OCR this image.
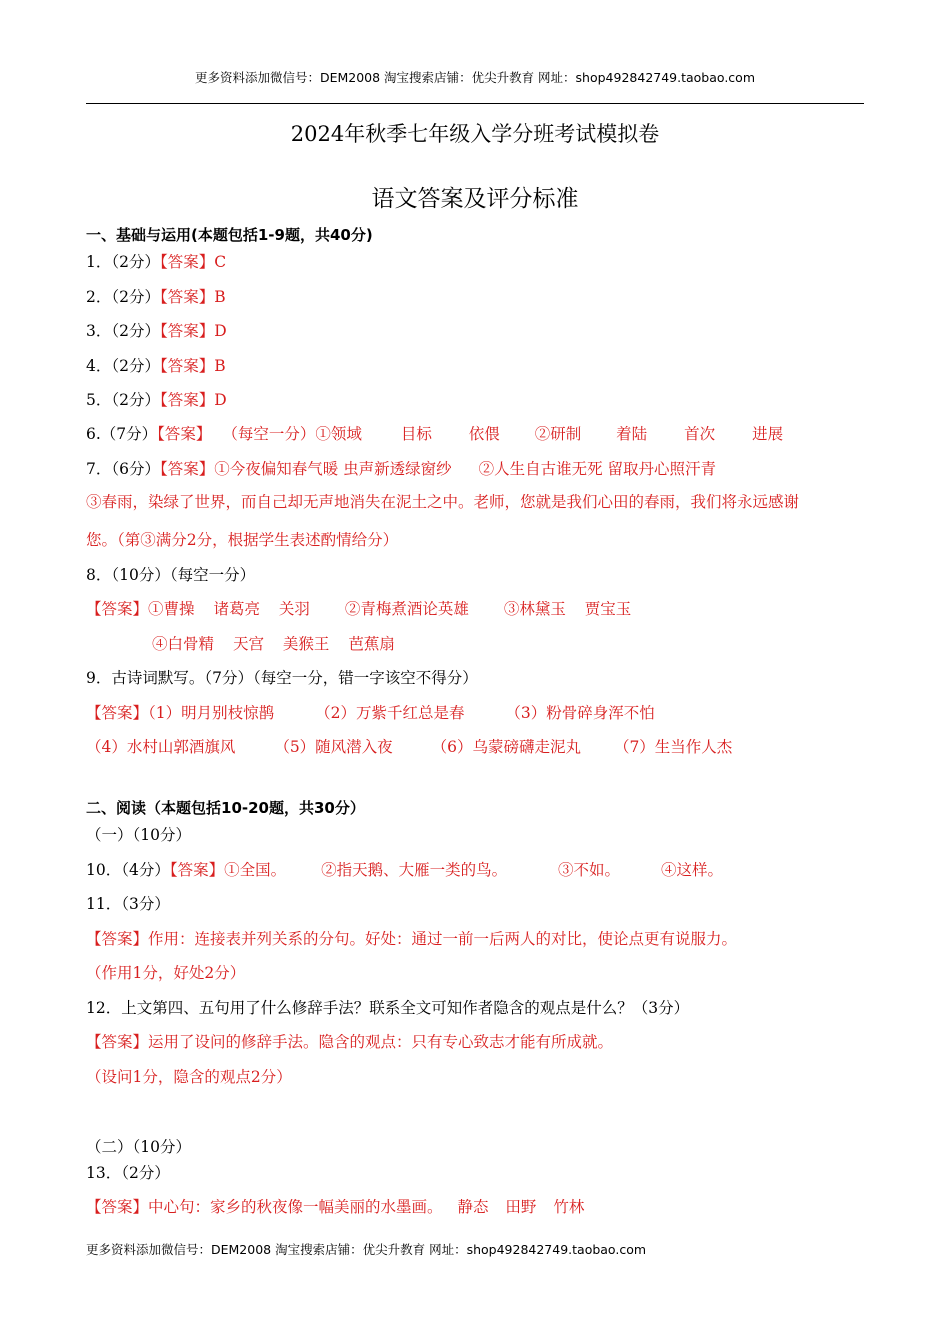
更多资料添加微信号：DEM2008 淘宝搜索店铺：优尖升教育 网址：shop492842749.taobao.com
2024年秋季七年级入学分班考试模拟卷
语文答案及评分标准
一、基础与运用(本题包括1-9题，共40分)
1．（2分）【答案】C
2．（2分）【答案】B
3．（2分）【答案】D
4．（2分）【答案】B
5．（2分）【答案】D
6.（7分）【答案】 （每空一分）①领域	目标 依偎 ②研制 着陆 首次 进展
7．（6分）【答案】①今夜偏知春气暖 虫声新透绿窗纱 ②人生自古谁无死 留取丹心照汗青
③春雨，染绿了世界，而自己却无声地消失在泥土之中。老师，您就是我们心田的春雨，我们将永远感谢
您。（第③满分2分，根据学生表述酌情给分）
8．（10分）（每空一分）
【答案】①曹操 诸葛亮 关羽 ②青梅煮酒论英雄 ③林黛玉 贾宝玉
④白骨精 天宫 美猴王 芭蕉扇
9．古诗词默写。（7分）（每空一分，错一字该空不得分）
【答案】（1）明月别枝惊鹊	（2）万紫千红总是春	（3）粉骨碎身浑不怕
（4）水村山郭酒旗风	（5）随风潜入夜	（6）乌蒙磅礴走泥丸 （7）生当作人杰
二、阅读（本题包括10-20题，共30分）
（一）（10分）
10．（4分）【答案】①全国。 ②指天鹅、大雁一类的鸟。	③不如。	④这样。
11．（3分）
【答案】作用：连接表并列关系的分句。好处：通过一前一后两人的对比，使论点更有说服力。
（作用1分，好处2分）
12．上文第四、五句用了什么修辞手法？联系全文可知作者隐含的观点是什么？（3分）
【答案】运用了设问的修辞手法。隐含的观点：只有专心致志才能有所成就。
（设问1分，隐含的观点2分）
（二）（10分）
13．（2分）
【答案】中心句：家乡的秋夜像一幅美丽的水墨画。 静态 田野 竹林
更多资料添加微信号：DEM2008 淘宝搜索店铺：优尖升教育 网址：shop492842749.taobao.com
